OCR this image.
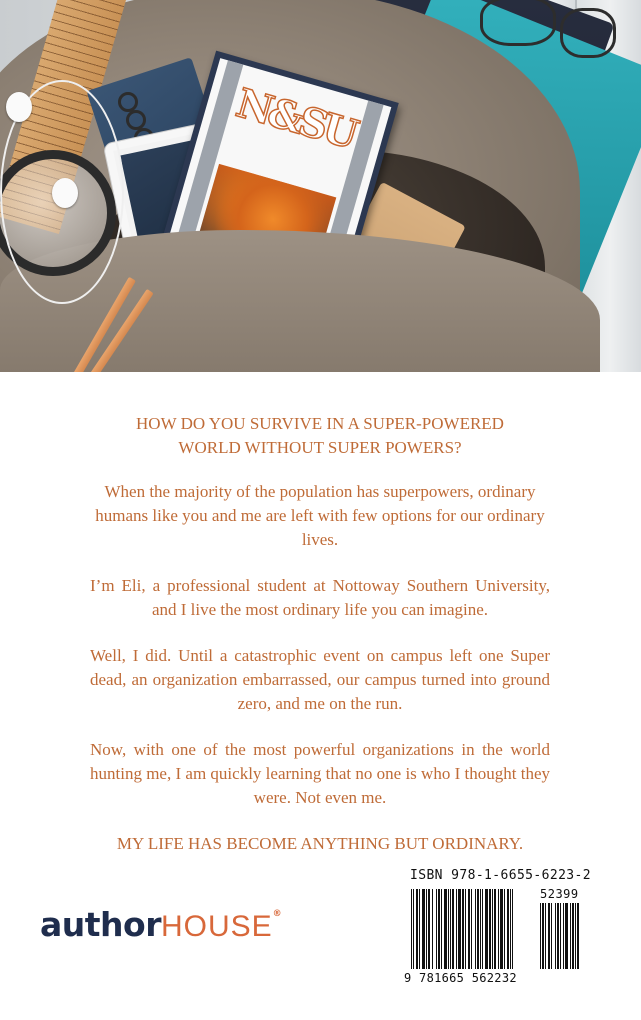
N&SU

HOW DO YOU SURVIVE IN A SUPER-POWERED
WORLD WITHOUT SUPER POWERS?

When the majority of the population has superpowers, ordinary humans like you and me are left with few options for our ordinary lives.

I’m Eli, a professional student at Nottoway Southern University, and I live the most ordinary life you can imagine.

Well, I did. Until a catastrophic event on campus left one Super dead, an organization embarrassed, our campus turned into ground zero, and me on the run.

Now, with one of the most powerful organizations in the world hunting me, I am quickly learning that no one is who I thought they were. Not even me.

MY LIFE HAS BECOME ANYTHING BUT ORDINARY.

authorHOUSE®
ISBN 978-1-6655-6223-2
52399
9 781665 562232
